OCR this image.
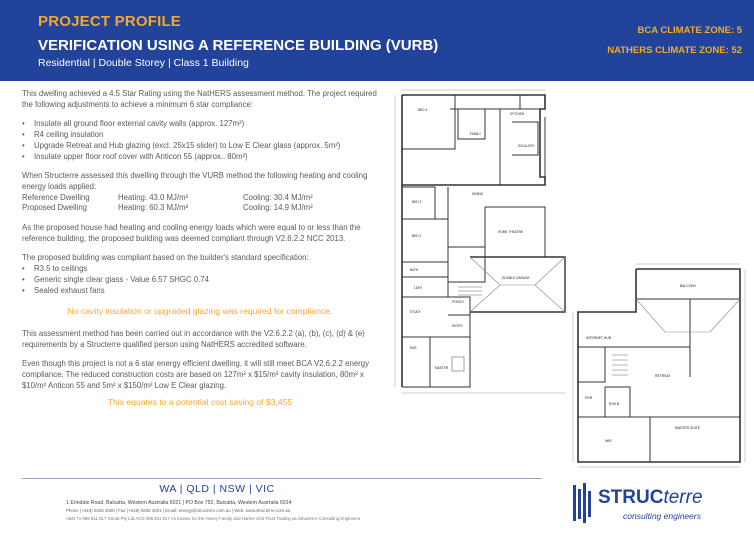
PROJECT PROFILE
VERIFICATION USING A REFERENCE BUILDING (VURB)
Residential | Double Storey | Class 1 Building
BCA CLIMATE ZONE: 5
NATHERS CLIMATE ZONE: 52

This dwelling achieved a 4.5 Star Rating using the NatHERS assessment method. The project required the following adjustments to achieve a minimum 6 star compliance:

• Insulate all ground floor external cavity walls (approx. 127m²)
• R4 ceiling insulation
• Upgrade Retreat and Hub glazing (excl. 25x15 slider) to Low E Clear glass (approx. 5m²)
• Insulate upper floor roof cover with Anticon 55 (approx.. 80m²)

When Structerre assessed this dwelling through the VURB method the following heating and cooling energy loads applied:

Reference Dwelling	Heating: 43.0 MJ/m²	Cooling: 30.4 MJ/m²
Proposed Dwelling	Heating: 60.3 MJ/m²	Cooling: 14.9 MJ/m²

As the proposed house had heating and cooling energy loads which were equal to or less than the reference building, the proposed building was deemed compliant through V2.6.2.2 NCC 2013.

The proposed building was compliant based on the builder's standard specification:

• R3.5 to ceilings
• Generic single clear glass - Value 6.57 SHGC 0.74
• Sealed exhaust fans
No cavity insulation or upgraded glazing was required for compliance.

This assessment method has been carried out in accordance with the V2.6.2.2 (a), (b), (c), (d) & (e) requirements by a Structerre qualified person using NatHERS accredited software.

Even though this project is not a 6 star energy efficient dwelling, it will still meet BCA V2.6.2.2 energy compliance. The reduced construction costs are based on 127m² x $15/m² cavity insulation, 80m² x $10/m² Anticon 55 and 5m² x $150/m² Low E Clear glazing.

This equates to a potential cost saving of $3,455
BED 4
FAMILY
KITCHEN
SCULLERY
DINING
BED 3
BED 2
BATH
LDRY
HOME THEATRE
DOUBLE GARAGE
STUDY
ENS
PORCH
MASTER
ENTRY
BALCONY
INTERNET HUB
RETREAT
MASTER SUITE
WIR
ENS B
PDR
WA | QLD | NSW | VIC
1 Erindale Road, Balcatta, Western Australia 6021 | PO Box 792, Balcatta, Western Australia 6914
Phone (+618) 9205 4500 | Fax (+618) 9205 4501 | Email: energy@structerre.com.au | Web: www.structerre.com.au
ABN 71 099 911 817 Struta Pty Ltd ACN 099 911 817 As trustee for the Hovey Family and Harker Unit Trust Trading as Structerre Consulting Engineers
STRUCterre
consulting engineers
